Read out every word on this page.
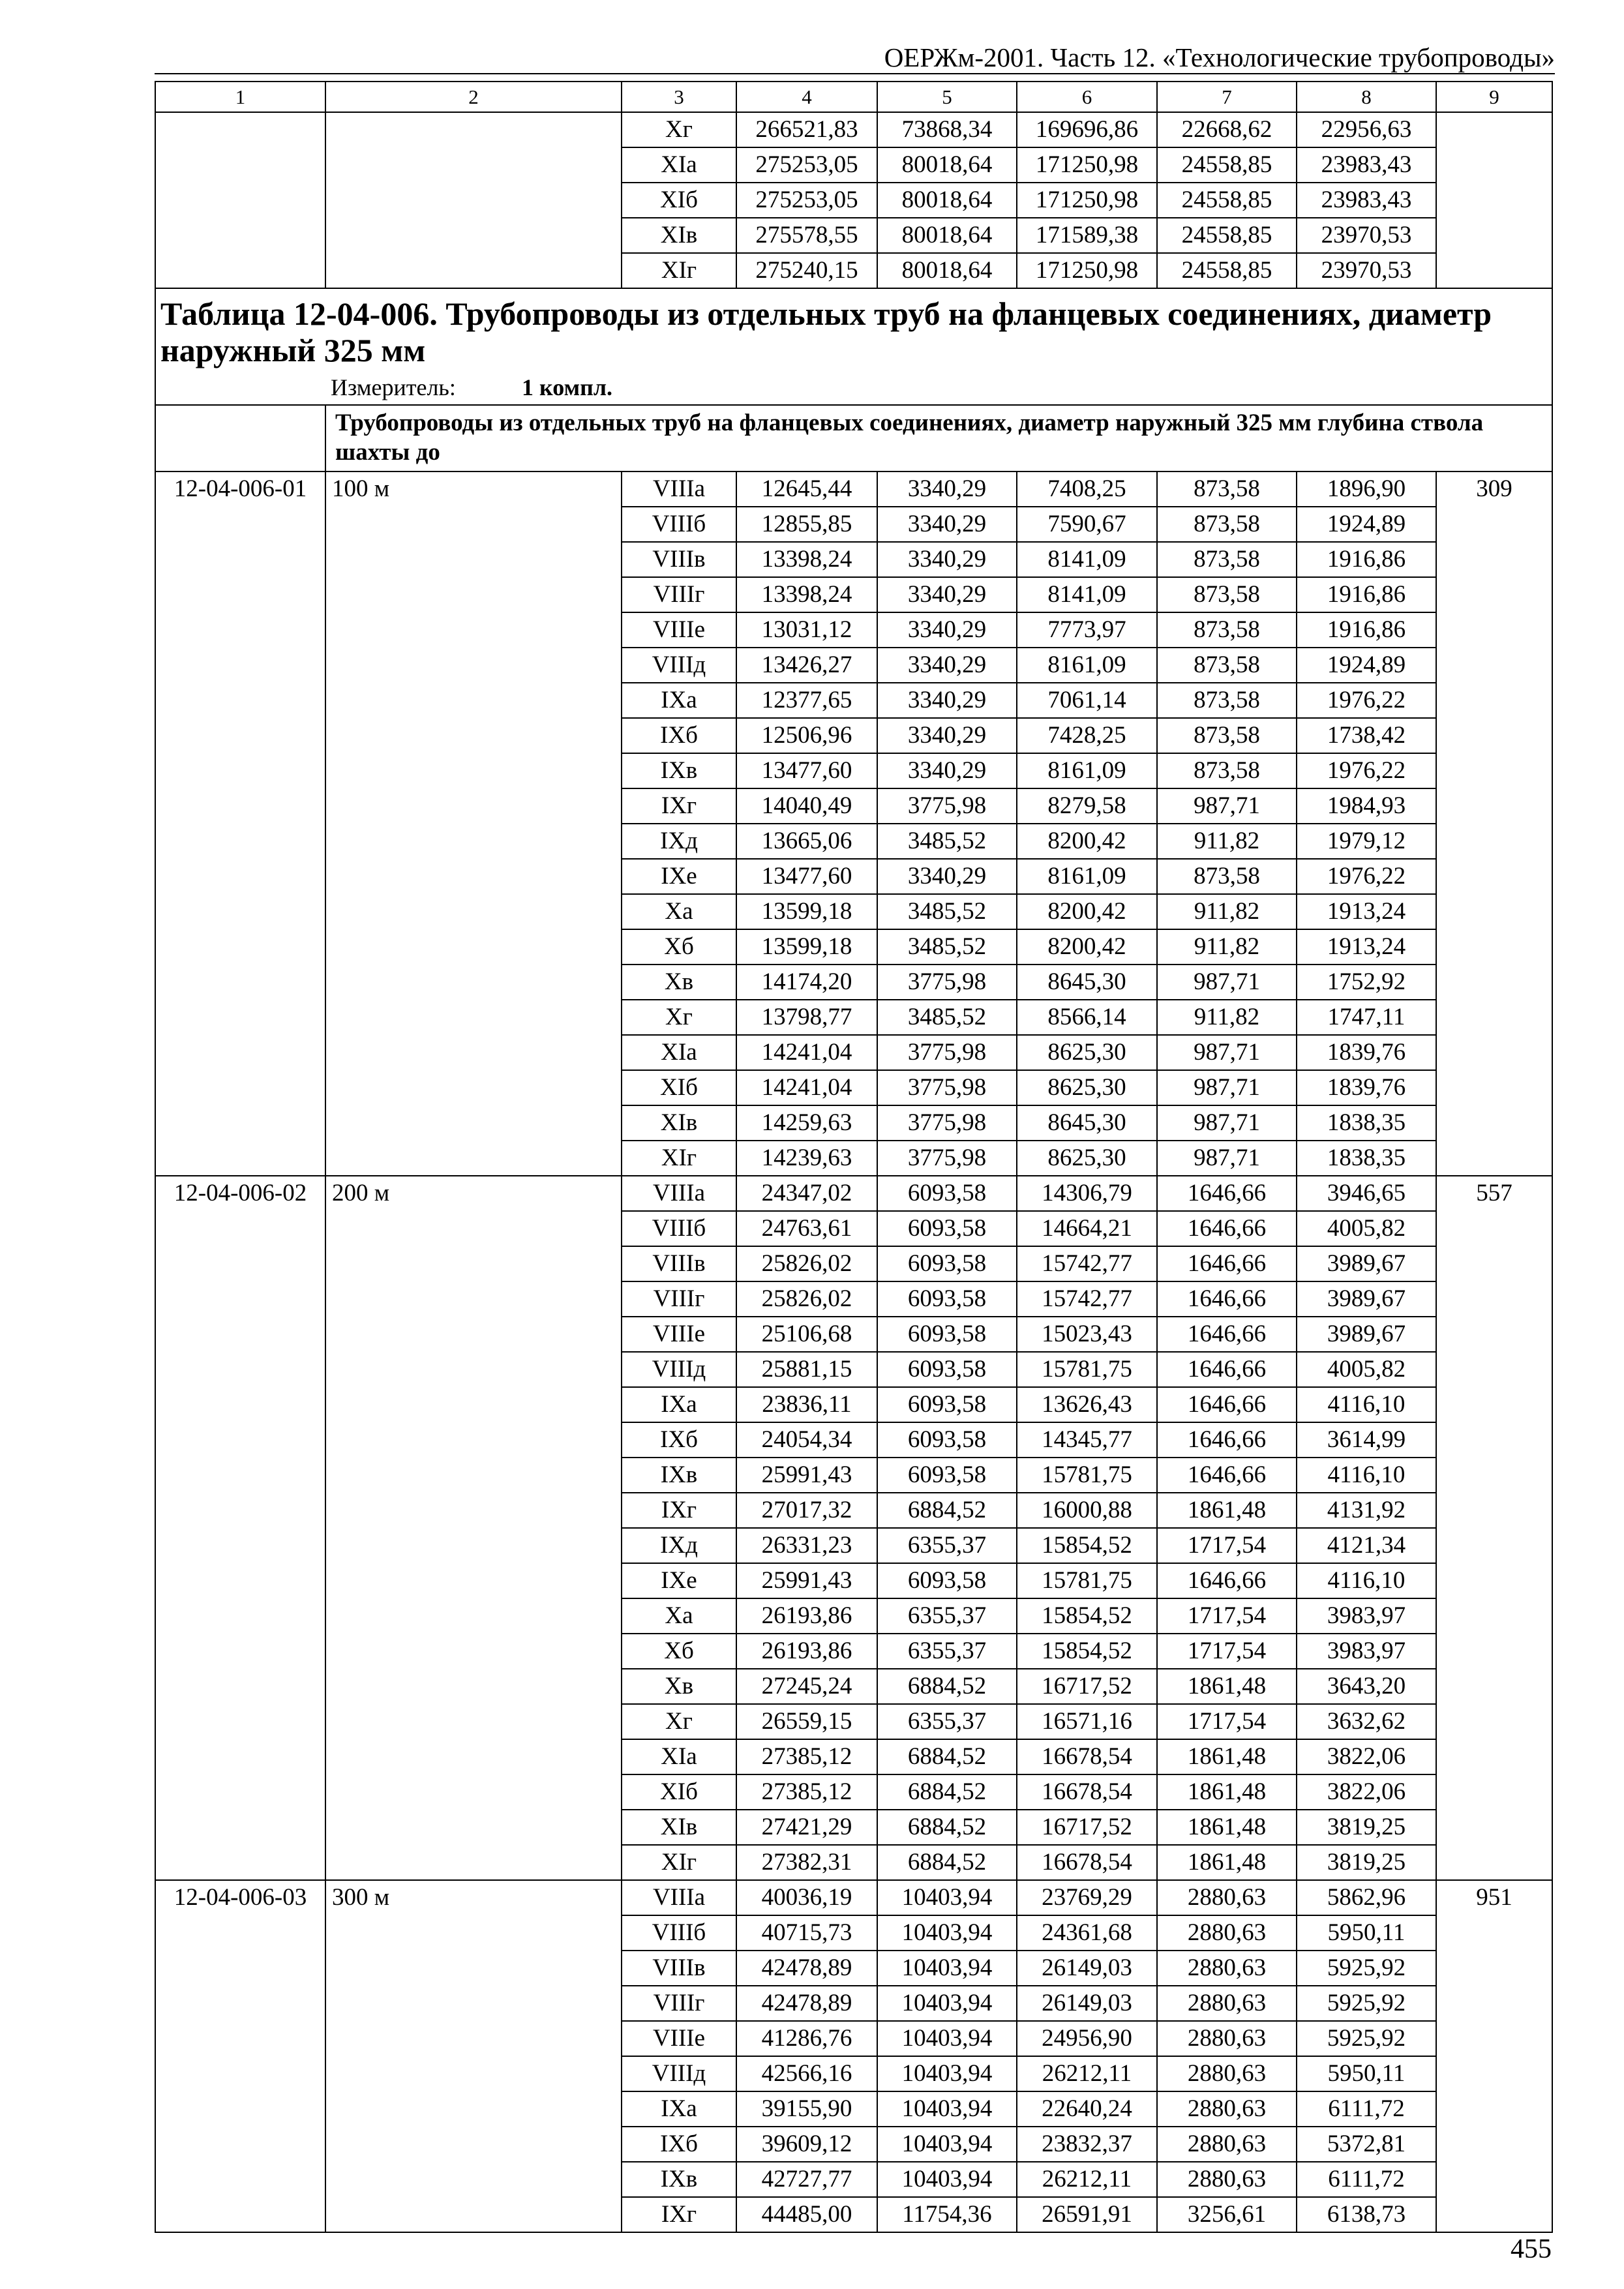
ОЕРЖм-2001. Часть 12. «Технологические трубопроводы»
1	2	3	4	5	6	7	8	9
		Xг	266521,83	73868,34	169696,86	22668,62	22956,63	
		XIа	275253,05	80018,64	171250,98	24558,85	23983,43	
		XIб	275253,05	80018,64	171250,98	24558,85	23983,43	
		XIв	275578,55	80018,64	171589,38	24558,85	23970,53	
		XIг	275240,15	80018,64	171250,98	24558,85	23970,53	

Таблица 12-04-006. Трубопроводы из отдельных труб на фланцевых соединениях, диаметр наружный 325 мм
Измеритель: 1 компл.								

	Трубопроводы из отдельных труб на фланцевых соединениях, диаметр наружный 325 мм глубина ствола шахты до							

12-04-006-01	100 м	VIIIа	12645,44	3340,29	7408,25	873,58	1896,90	309
		VIIIб	12855,85	3340,29	7590,67	873,58	1924,89	
		VIIIв	13398,24	3340,29	8141,09	873,58	1916,86	
		VIIIг	13398,24	3340,29	8141,09	873,58	1916,86	
		VIIIе	13031,12	3340,29	7773,97	873,58	1916,86	
		VIIIд	13426,27	3340,29	8161,09	873,58	1924,89	
		IXа	12377,65	3340,29	7061,14	873,58	1976,22	
		IXб	12506,96	3340,29	7428,25	873,58	1738,42	
		IXв	13477,60	3340,29	8161,09	873,58	1976,22	
		IXг	14040,49	3775,98	8279,58	987,71	1984,93	
		IXд	13665,06	3485,52	8200,42	911,82	1979,12	
		IXе	13477,60	3340,29	8161,09	873,58	1976,22	
		Xа	13599,18	3485,52	8200,42	911,82	1913,24	
		Xб	13599,18	3485,52	8200,42	911,82	1913,24	
		Xв	14174,20	3775,98	8645,30	987,71	1752,92	
		Xг	13798,77	3485,52	8566,14	911,82	1747,11	
		XIа	14241,04	3775,98	8625,30	987,71	1839,76	
		XIб	14241,04	3775,98	8625,30	987,71	1839,76	
		XIв	14259,63	3775,98	8645,30	987,71	1838,35	
		XIг	14239,63	3775,98	8625,30	987,71	1838,35	
12-04-006-02	200 м	VIIIа	24347,02	6093,58	14306,79	1646,66	3946,65	557
		VIIIб	24763,61	6093,58	14664,21	1646,66	4005,82	
		VIIIв	25826,02	6093,58	15742,77	1646,66	3989,67	
		VIIIг	25826,02	6093,58	15742,77	1646,66	3989,67	
		VIIIе	25106,68	6093,58	15023,43	1646,66	3989,67	
		VIIIд	25881,15	6093,58	15781,75	1646,66	4005,82	
		IXа	23836,11	6093,58	13626,43	1646,66	4116,10	
		IXб	24054,34	6093,58	14345,77	1646,66	3614,99	
		IXв	25991,43	6093,58	15781,75	1646,66	4116,10	
		IXг	27017,32	6884,52	16000,88	1861,48	4131,92	
		IXд	26331,23	6355,37	15854,52	1717,54	4121,34	
		IXе	25991,43	6093,58	15781,75	1646,66	4116,10	
		Xа	26193,86	6355,37	15854,52	1717,54	3983,97	
		Xб	26193,86	6355,37	15854,52	1717,54	3983,97	
		Xв	27245,24	6884,52	16717,52	1861,48	3643,20	
		Xг	26559,15	6355,37	16571,16	1717,54	3632,62	
		XIа	27385,12	6884,52	16678,54	1861,48	3822,06	
		XIб	27385,12	6884,52	16678,54	1861,48	3822,06	
		XIв	27421,29	6884,52	16717,52	1861,48	3819,25	
		XIг	27382,31	6884,52	16678,54	1861,48	3819,25	
12-04-006-03	300 м	VIIIа	40036,19	10403,94	23769,29	2880,63	5862,96	951
		VIIIб	40715,73	10403,94	24361,68	2880,63	5950,11	
		VIIIв	42478,89	10403,94	26149,03	2880,63	5925,92	
		VIIIг	42478,89	10403,94	26149,03	2880,63	5925,92	
		VIIIе	41286,76	10403,94	24956,90	2880,63	5925,92	
		VIIIд	42566,16	10403,94	26212,11	2880,63	5950,11	
		IXа	39155,90	10403,94	22640,24	2880,63	6111,72	
		IXб	39609,12	10403,94	23832,37	2880,63	5372,81	
		IXв	42727,77	10403,94	26212,11	2880,63	6111,72	
		IXг	44485,00	11754,36	26591,91	3256,61	6138,73	
455
